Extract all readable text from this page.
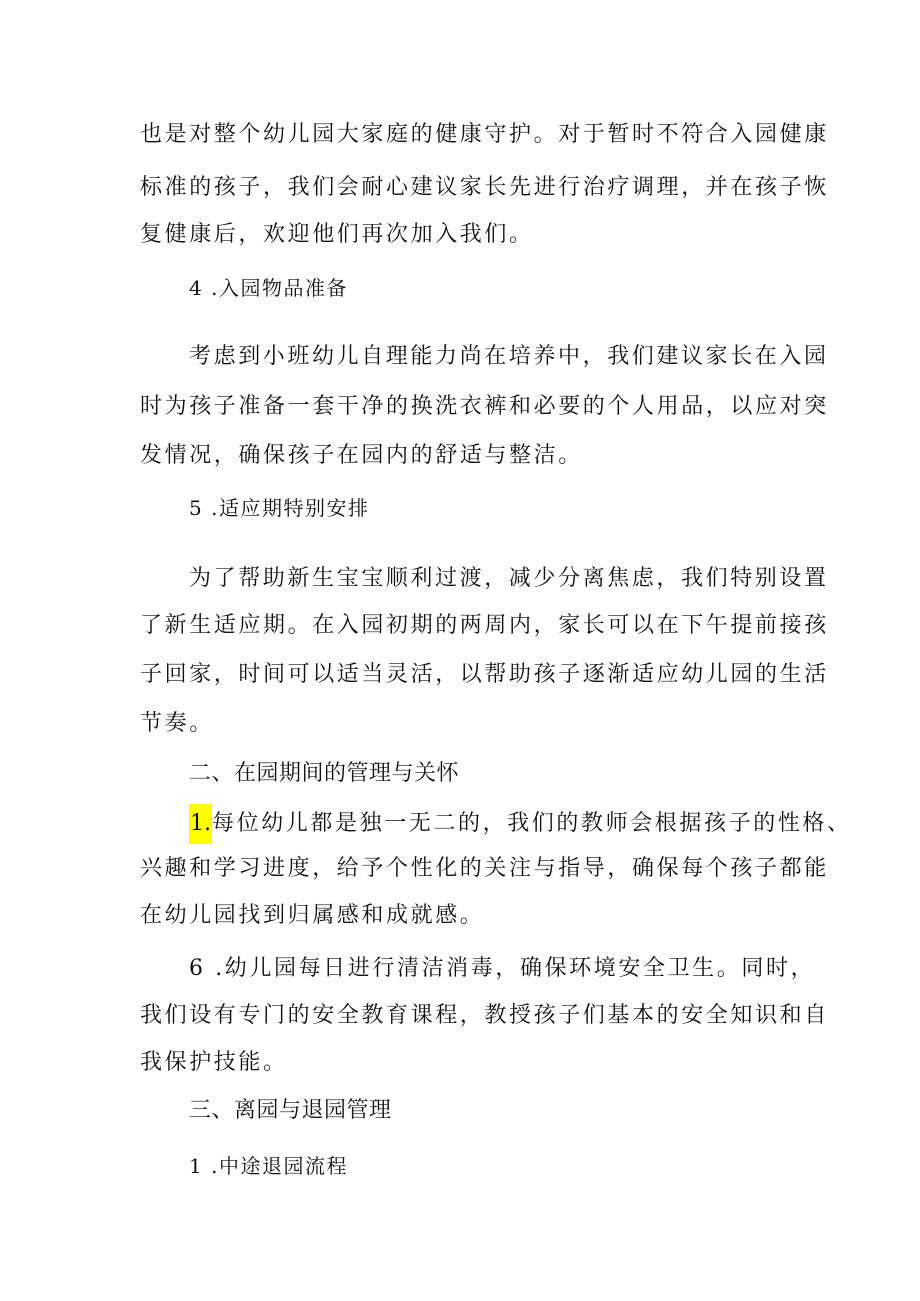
也是对整个幼儿园大家庭的健康守护。对于暂时不符合入园健康
标准的孩子，我们会耐心建议家长先进行治疗调理，并在孩子恢
复健康后，欢迎他们再次加入我们。
4 .入园物品准备
考虑到小班幼儿自理能力尚在培养中，我们建议家长在入园
时为孩子准备一套干净的换洗衣裤和必要的个人用品，以应对突
发情况，确保孩子在园内的舒适与整洁。
5 .适应期特别安排
为了帮助新生宝宝顺利过渡，减少分离焦虑，我们特别设置
了新生适应期。在入园初期的两周内，家长可以在下午提前接孩
子回家，时间可以适当灵活，以帮助孩子逐渐适应幼儿园的生活
节奏。
二、在园期间的管理与关怀
1.每位幼儿都是独一无二的，我们的教师会根据孩子的性格、
兴趣和学习进度，给予个性化的关注与指导，确保每个孩子都能
在幼儿园找到归属感和成就感。
6 .幼儿园每日进行清洁消毒，确保环境安全卫生。同时，
我们设有专门的安全教育课程，教授孩子们基本的安全知识和自
我保护技能。
三、离园与退园管理
1 .中途退园流程
